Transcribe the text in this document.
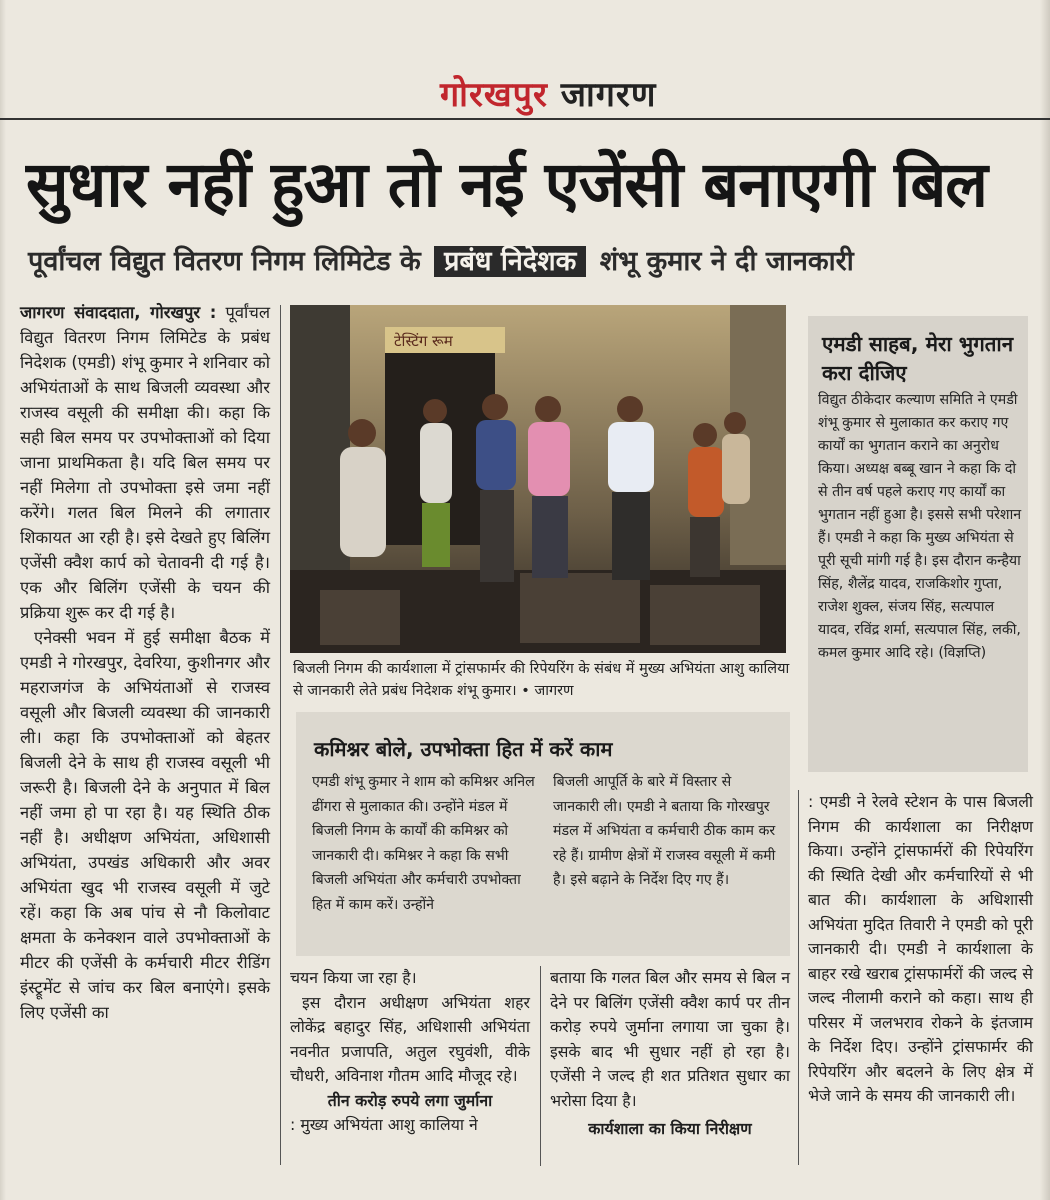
गोरखपुर जागरण
सुधार नहीं हुआ तो नई एजेंसी बनाएगी बिल
पूर्वांचल विद्युत वितरण निगम लिमिटेड के प्रबंध निदेशक शंभू कुमार ने दी जानकारी

जागरण संवाददाता, गोरखपुर : पूर्वांचल विद्युत वितरण निगम लिमिटेड के प्रबंध निदेशक (एमडी) शंभू कुमार ने शनिवार को अभियंताओं के साथ बिजली व्यवस्था और राजस्व वसूली की समीक्षा की। कहा कि सही बिल समय पर उपभोक्ताओं को दिया जाना प्राथमिकता है। यदि बिल समय पर नहीं मिलेगा तो उपभोक्ता इसे जमा नहीं करेंगे। गलत बिल मिलने की लगातार शिकायत आ रही है। इसे देखते हुए बिलिंग एजेंसी क्वैश कार्प को चेतावनी दी गई है। एक और बिलिंग एजेंसी के चयन की प्रक्रिया शुरू कर दी गई है।

एनेक्सी भवन में हुई समीक्षा बैठक में एमडी ने गोरखपुर, देवरिया, कुशीनगर और महराजगंज के अभियंताओं से राजस्व वसूली और बिजली व्यवस्था की जानकारी ली। कहा कि उपभोक्ताओं को बेहतर बिजली देने के साथ ही राजस्व वसूली भी जरूरी है। बिजली देने के अनुपात में बिल नहीं जमा हो पा रहा है। यह स्थिति ठीक नहीं है। अधीक्षण अभियंता, अधिशासी अभियंता, उपखंड अधिकारी और अवर अभियंता खुद भी राजस्व वसूली में जुटे रहें। कहा कि अब पांच से नौ किलोवाट क्षमता के कनेक्शन वाले उपभोक्ताओं के मीटर की एजेंसी के कर्मचारी मीटर रीडिंग इंस्ट्रूमेंट से जांच कर बिल बनाएंगे। इसके लिए एजेंसी का

टेस्टिंग रूम
बिजली निगम की कार्यशाला में ट्रांसफार्मर की रिपेयरिंग के संबंध में मुख्य अभियंता आशु कालिया से जानकारी लेते प्रबंध निदेशक शंभू कुमार। • जागरण
एमडी साहब, मेरा भुगतान करा दीजिए
विद्युत ठीकेदार कल्याण समिति ने एमडी शंभू कुमार से मुलाकात कर कराए गए कार्यों का भुगतान कराने का अनुरोध किया। अध्यक्ष बब्बू खान ने कहा कि दो से तीन वर्ष पहले कराए गए कार्यों का भुगतान नहीं हुआ है। इससे सभी परेशान हैं। एमडी ने कहा कि मुख्य अभियंता से पूरी सूची मांगी गई है। इस दौरान कन्हैया सिंह, शैलेंद्र यादव, राजकिशोर गुप्ता, राजेश शुक्ल, संजय सिंह, सत्यपाल यादव, रविंद्र शर्मा, सत्यपाल सिंह, लकी, कमल कुमार आदि रहे। (विज्ञप्ति)
कमिश्नर बोले, उपभोक्ता हित में करें काम
एमडी शंभू कुमार ने शाम को कमिश्नर अनिल ढींगरा से मुलाकात की। उन्होंने मंडल में बिजली निगम के कार्यों की कमिश्नर को जानकारी दी। कमिश्नर ने कहा कि सभी बिजली अभियंता और कर्मचारी उपभोक्ता हित में काम करें। उन्होंने
बिजली आपूर्ति के बारे में विस्तार से जानकारी ली। एमडी ने बताया कि गोरखपुर मंडल में अभियंता व कर्मचारी ठीक काम कर रहे हैं। ग्रामीण क्षेत्रों में राजस्व वसूली में कमी है। इसे बढ़ाने के निर्देश दिए गए हैं।

चयन किया जा रहा है।

इस दौरान अधीक्षण अभियंता शहर लोकेंद्र बहादुर सिंह, अधिशासी अभियंता नवनीत प्रजापति, अतुल रघुवंशी, वीके चौधरी, अविनाश गौतम आदि मौजूद रहे।

तीन करोड़ रुपये लगा जुर्माना

: मुख्य अभियंता आशु कालिया ने

बताया कि गलत बिल और समय से बिल न देने पर बिलिंग एजेंसी क्वैश कार्प पर तीन करोड़ रुपये जुर्माना लगाया जा चुका है। इसके बाद भी सुधार नहीं हो रहा है। एजेंसी ने जल्द ही शत प्रतिशत सुधार का भरोसा दिया है।

कार्यशाला का किया निरीक्षण

: एमडी ने रेलवे स्टेशन के पास बिजली निगम की कार्यशाला का निरीक्षण किया। उन्होंने ट्रांसफार्मरों की रिपेयरिंग की स्थिति देखी और कर्मचारियों से भी बात की। कार्यशाला के अधिशासी अभियंता मुदित तिवारी ने एमडी को पूरी जानकारी दी। एमडी ने कार्यशाला के बाहर रखे खराब ट्रांसफार्मरों की जल्द से जल्द नीलामी कराने को कहा। साथ ही परिसर में जलभराव रोकने के इंतजाम के निर्देश दिए। उन्होंने ट्रांसफार्मर की रिपेयरिंग और बदलने के लिए क्षेत्र में भेजे जाने के समय की जानकारी ली।
